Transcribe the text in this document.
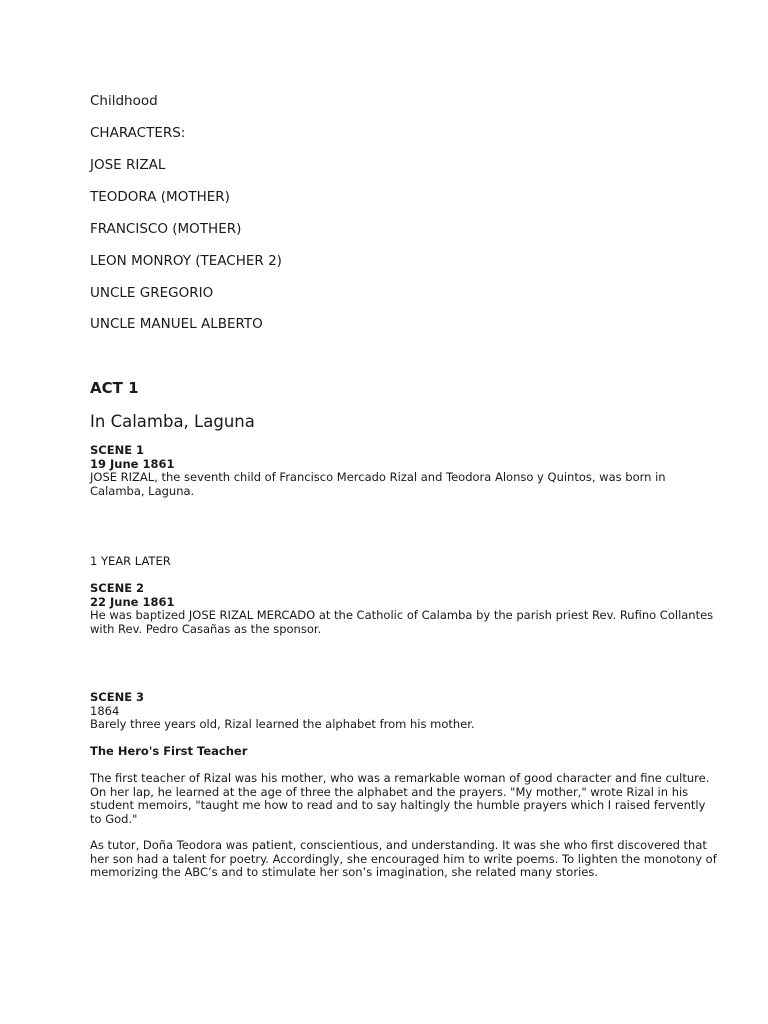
Childhood

CHARACTERS:

JOSE RIZAL

TEODORA (MOTHER)

FRANCISCO (MOTHER)

LEON MONROY (TEACHER 2)

UNCLE GREGORIO

UNCLE MANUEL ALBERTO

ACT 1

In Calamba, Laguna

SCENE 1

19 June 1861

JOSE RIZAL, the seventh child of Francisco Mercado Rizal and Teodora Alonso y Quintos, was born in
Calamba, Laguna.

1 YEAR LATER

SCENE 2

22 June 1861

He was baptized JOSE RIZAL MERCADO at the Catholic of Calamba by the parish priest Rev. Rufino Collantes
with Rev. Pedro Casañas as the sponsor.

SCENE 3

1864

Barely three years old, Rizal learned the alphabet from his mother.

The Hero's First Teacher

The first teacher of Rizal was his mother, who was a remarkable woman of good character and fine culture.
On her lap, he learned at the age of three the alphabet and the prayers. "My mother," wrote Rizal in his
student memoirs, "taught me how to read and to say haltingly the humble prayers which I raised fervently
to God."
As tutor, Doña Teodora was patient, conscientious, and understanding. It was she who first discovered that
her son had a talent for poetry. Accordingly, she encouraged him to write poems. To lighten the monotony of
memorizing the ABC’s and to stimulate her son’s imagination, she related many stories.
